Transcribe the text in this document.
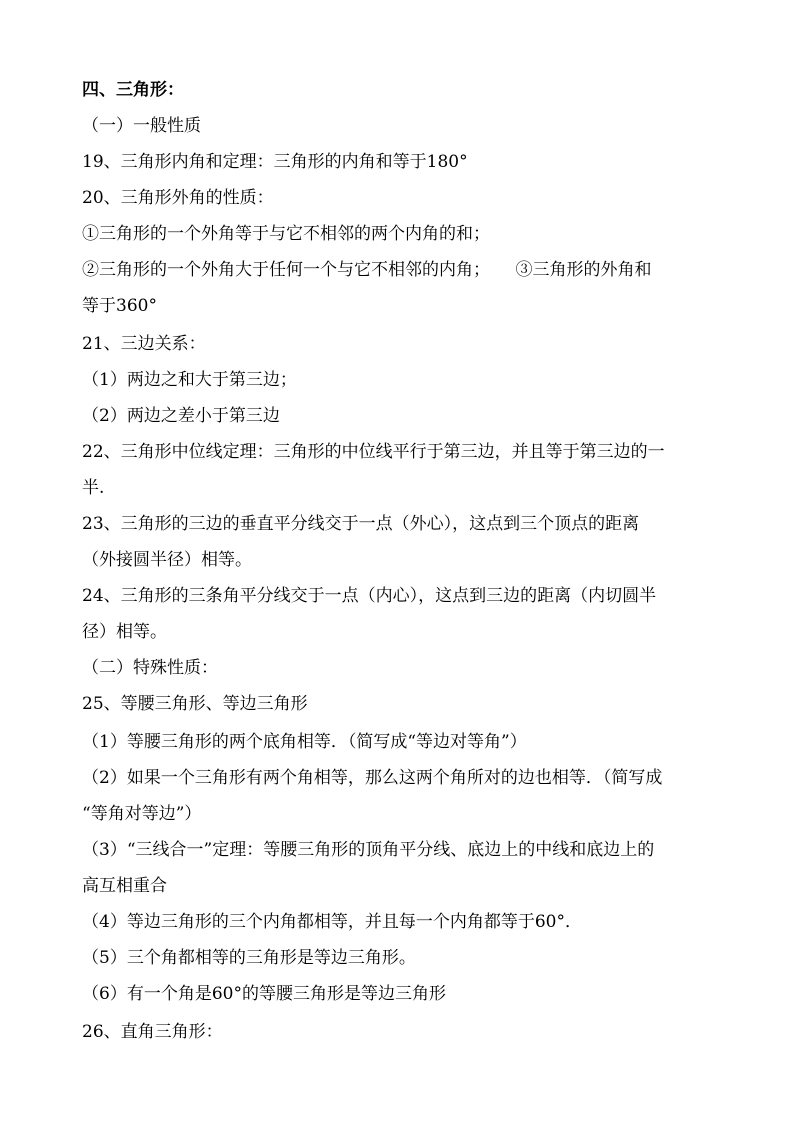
四、三角形：
（一）一般性质
19、三角形内角和定理：三角形的内角和等于180°
20、三角形外角的性质：
①三角形的一个外角等于与它不相邻的两个内角的和；
②三角形的一个外角大于任何一个与它不相邻的内角；　　③三角形的外角和
等于360°
21、三边关系：
（1）两边之和大于第三边；
（2）两边之差小于第三边
22、三角形中位线定理：三角形的中位线平行于第三边，并且等于第三边的一
半.
23、三角形的三边的垂直平分线交于一点（外心），这点到三个顶点的距离
（外接圆半径）相等。
24、三角形的三条角平分线交于一点（内心），这点到三边的距离（内切圆半
径）相等。
（二）特殊性质：
25、等腰三角形、等边三角形
（1）等腰三角形的两个底角相等．（简写成“等边对等角”）
（2）如果一个三角形有两个角相等，那么这两个角所对的边也相等．（简写成
“等角对等边”）
（3）“三线合一”定理：等腰三角形的顶角平分线、底边上的中线和底边上的
高互相重合
（4）等边三角形的三个内角都相等，并且每一个内角都等于60°．
（5）三个角都相等的三角形是等边三角形。
（6）有一个角是60°的等腰三角形是等边三角形
26、直角三角形：
